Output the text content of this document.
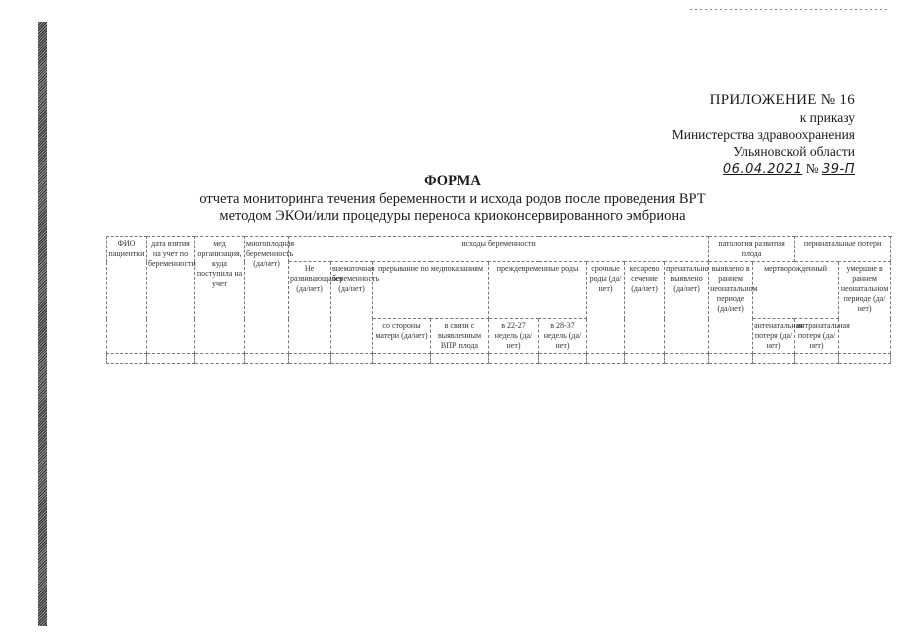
ПРИЛОЖЕНИЕ № 16
к приказу
Министерства здравоохранения
Ульяновской области
06.04.2021 № 39-П
ФОРМА
отчета мониторинга течения беременности и исхода родов после проведения ВРТ
методом ЭКОи/или процедуры переноса криоконсервированного эмбриона
ФИО пациентки	дата взятия на учет по беременности	мед организация, куда поступила на учет	многоплодная беременность (да/нет)	исходы беременности									патология развития плода		перинатальные потери	
				Не развивающаяся (да/нет)	внематочная беременность (да/нет)	прерывание по медпоказаниям		преждевременные роды		срочные роды (да/нет)	кесарево сечение (да/нет)	пренатально выявлено (да/нет)	выявлено в раннем неонатальном периоде (да/нет)	мертворожденный		умершие в раннем неонатальном периоде (да/нет)
						со стороны матери (да/нет)	в связи с выявленным ВПР плода	в 22-27 недель (да/нет)	в 28-37 недель (да/нет)					антенатальная потеря (да/нет)	интранатальная потеря (да/нет)	
